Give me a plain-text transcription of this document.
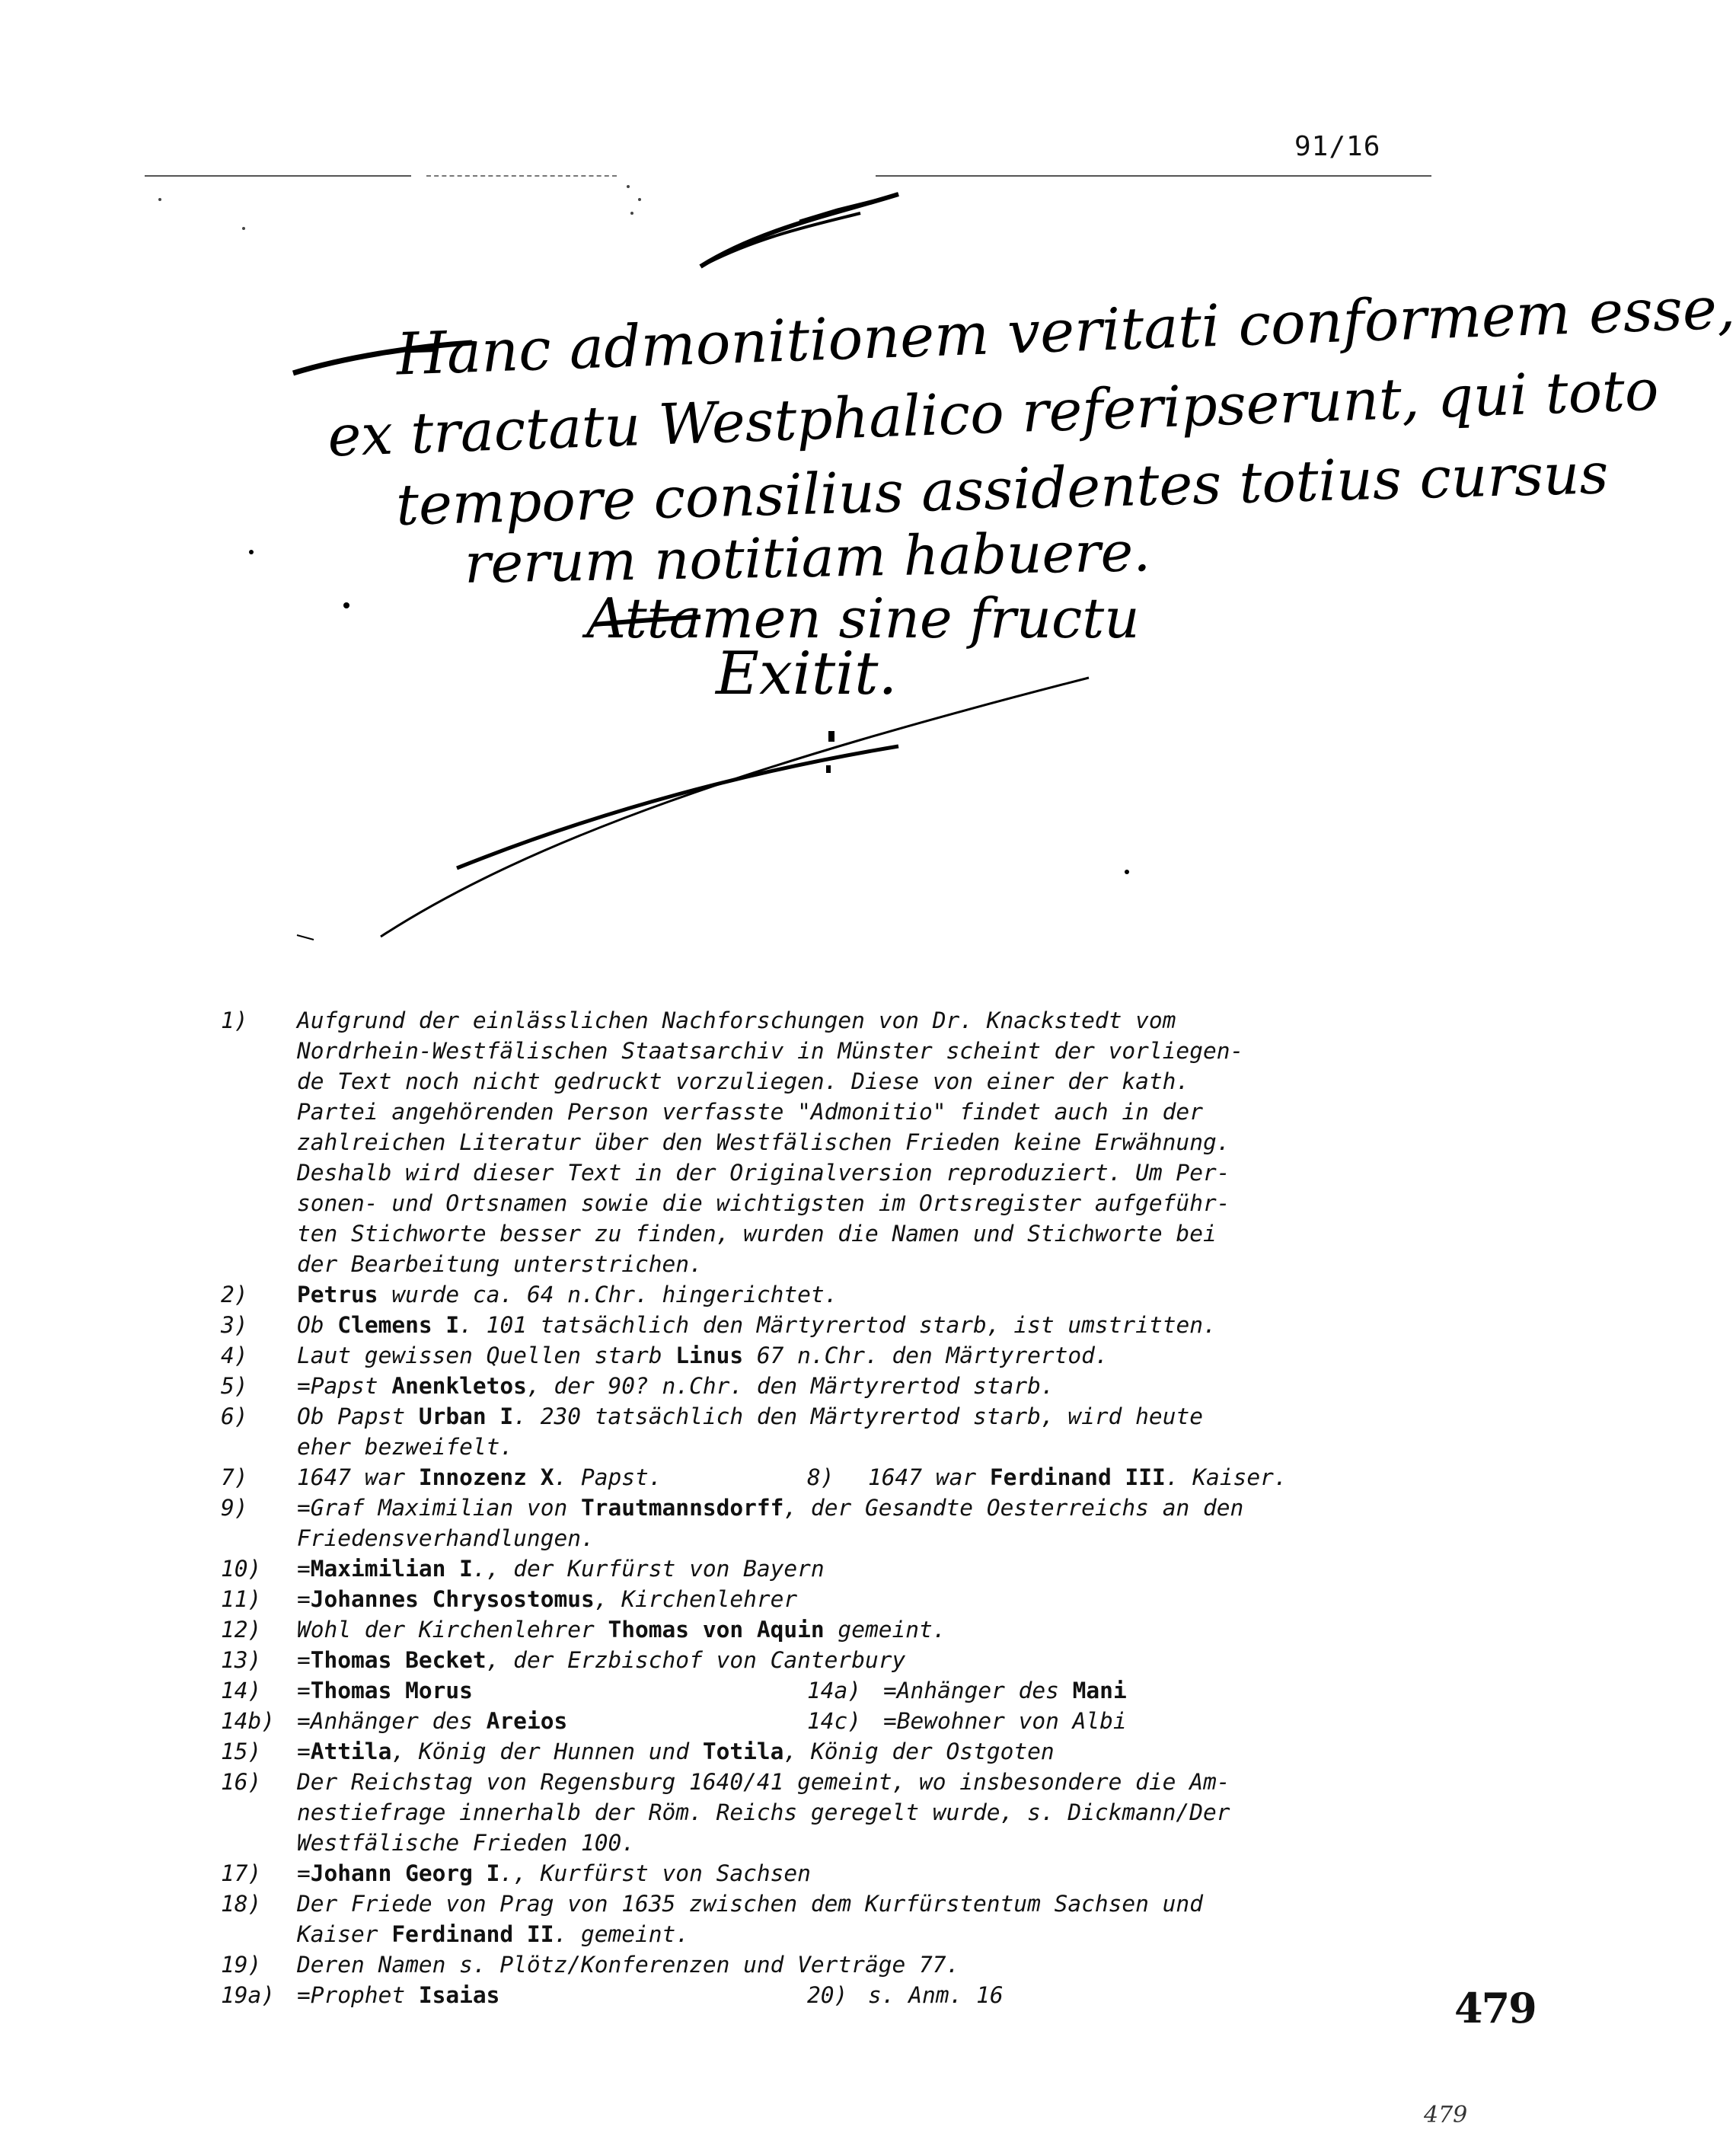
91/16
Hanc admonitionem veritati conformem esse,
ex tractatu Westphalico referipserunt, qui toto
tempore consilius assidentes totius cursus
rerum notitiam habuere.
Attamen sine fructu
Exitit.
1)	Aufgrund der einlässlichen Nachforschungen von Dr. Knackstedt vom
Nordrhein-Westfälischen Staatsarchiv in Münster scheint der vorliegen-
de Text noch nicht gedruckt vorzuliegen. Diese von einer der kath.
Partei angehörenden Person verfasste "Admonitio" findet auch in der
zahlreichen Literatur über den Westfälischen Frieden keine Erwähnung.
Deshalb wird dieser Text in der Originalversion reproduziert. Um Per-
sonen- und Ortsnamen sowie die wichtigsten im Ortsregister aufgeführ-
ten Stichworte besser zu finden, wurden die Namen und Stichworte bei
der Bearbeitung unterstrichen.
2)	Petrus wurde ca. 64 n.Chr. hingerichtet.
3)	Ob Clemens I. 101 tatsächlich den Märtyrertod starb, ist umstritten.
4)	Laut gewissen Quellen starb Linus 67 n.Chr. den Märtyrertod.
5)	=Papst Anenkletos, der 90? n.Chr. den Märtyrertod starb.
6)	Ob Papst Urban I. 230 tatsächlich den Märtyrertod starb, wird heute
eher bezweifelt.
7)	1647 war Innozenz X. Papst.	8)	1647 war Ferdinand III. Kaiser.
9)	=Graf Maximilian von Trautmannsdorff, der Gesandte Oesterreichs an den
Friedensverhandlungen.
10)	=Maximilian I., der Kurfürst von Bayern
11)	=Johannes Chrysostomus, Kirchenlehrer
12)	Wohl der Kirchenlehrer Thomas von Aquin gemeint.
13)	=Thomas Becket, der Erzbischof von Canterbury
14)	=Thomas Morus	14a) =Anhänger des Mani
14b) =Anhänger des Areios	14c) =Bewohner von Albi
15)	=Attila, König der Hunnen und Totila, König der Ostgoten
16)	Der Reichstag von Regensburg 1640/41 gemeint, wo insbesondere die Am-
nestiefrage innerhalb der Röm. Reichs geregelt wurde, s. Dickmann/Der
Westfälische Frieden 100.
17)	=Johann Georg I., Kurfürst von Sachsen
18)	Der Friede von Prag von 1635 zwischen dem Kurfürstentum Sachsen und
Kaiser Ferdinand II. gemeint.
19)	Deren Namen s. Plötz/Konferenzen und Verträge 77.
19a) =Prophet Isaias	20) s. Anm. 16	479
479
